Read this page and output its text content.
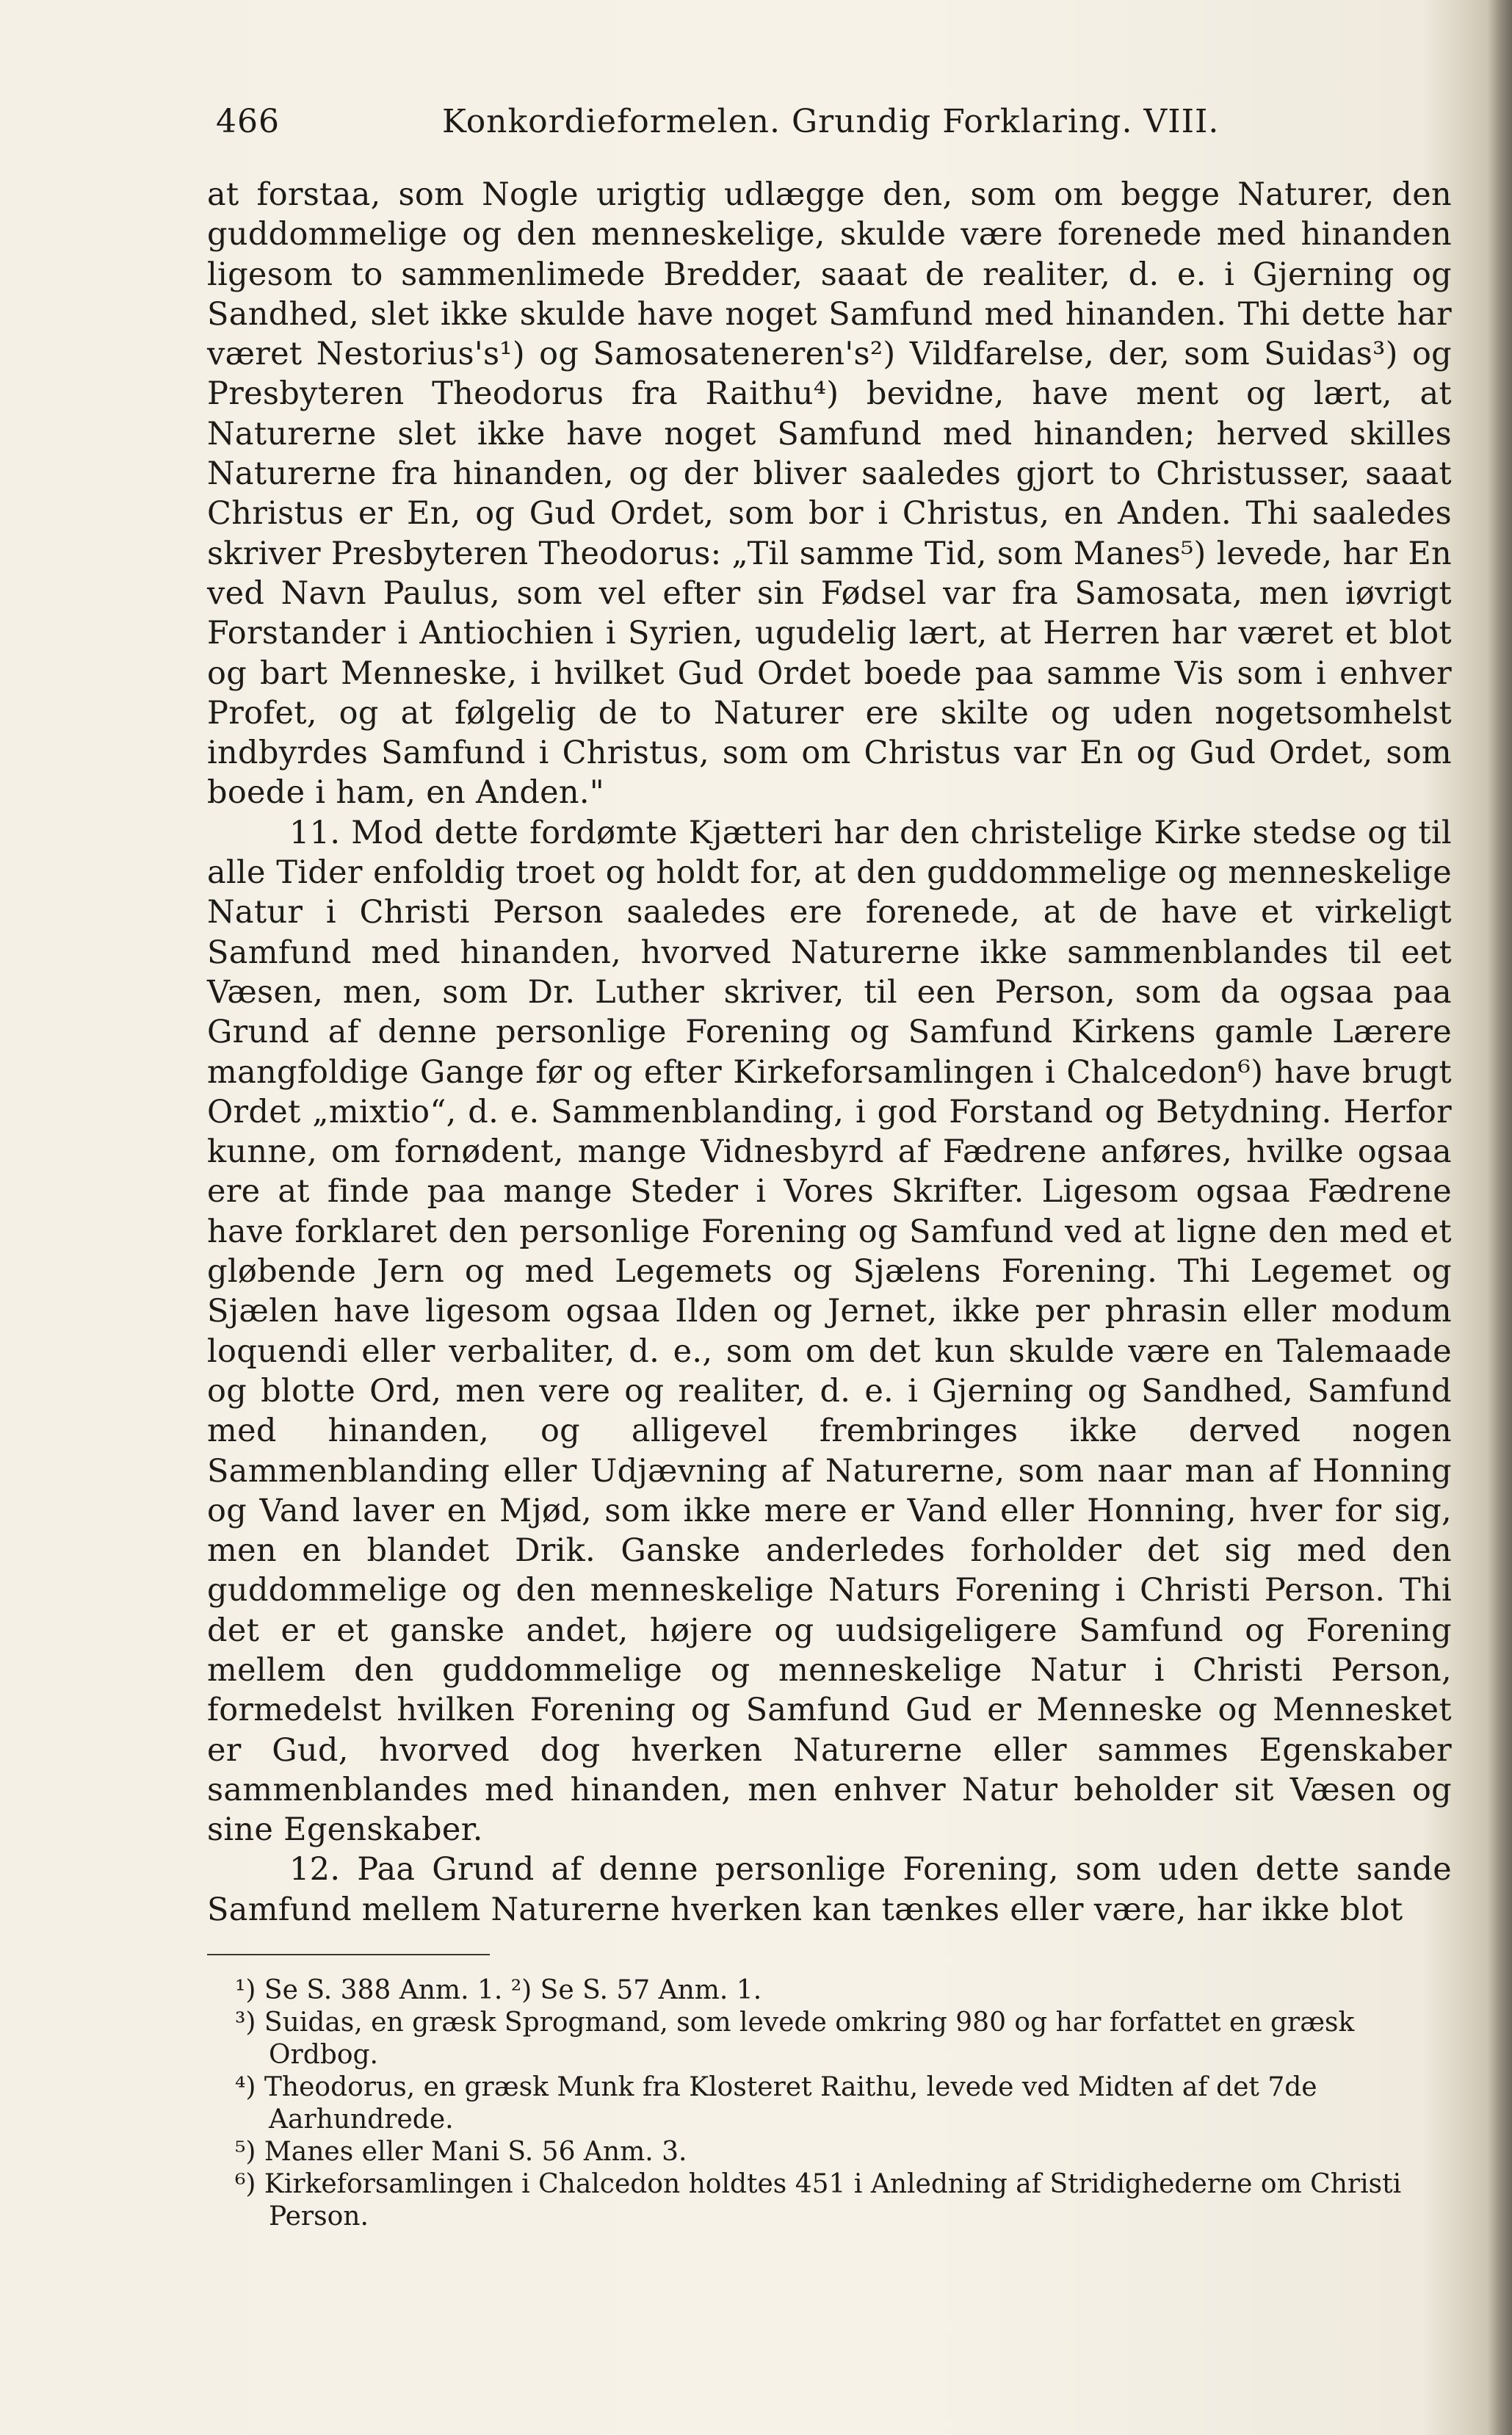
466	Konkordieformelen. Grundig Forklaring. VIII.

at forstaa, som Nogle urigtig udlægge den, som om begge Naturer, den guddommelige og den menneskelige, skulde være forenede med hinanden ligesom to sammenlimede Bredder, saaat de realiter, d. e. i Gjerning og Sandhed, slet ikke skulde have noget Samfund med hinanden. Thi dette har været Nestorius's¹) og Samosateneren's²) Vildfarelse, der, som Suidas³) og Presbyteren Theodorus fra Raithu⁴) bevidne, have ment og lært, at Naturerne slet ikke have noget Samfund med hinanden; herved skilles Naturerne fra hinanden, og der bliver saaledes gjort to Christusser, saaat Christus er En, og Gud Ordet, som bor i Christus, en Anden. Thi saaledes skriver Presbyteren Theodorus: „Til samme Tid, som Manes⁵) levede, har En ved Navn Paulus, som vel efter sin Fødsel var fra Samosata, men iøvrigt Forstander i Antiochien i Syrien, ugudelig lært, at Herren har været et blot og bart Menneske, i hvilket Gud Ordet boede paa samme Vis som i enhver Profet, og at følgelig de to Naturer ere skilte og uden nogetsomhelst indbyrdes Samfund i Christus, som om Christus var En og Gud Ordet, som boede i ham, en Anden."

11. Mod dette fordømte Kjætteri har den christelige Kirke stedse og til alle Tider enfoldig troet og holdt for, at den guddommelige og menneskelige Natur i Christi Person saaledes ere forenede, at de have et virkeligt Samfund med hinanden, hvorved Naturerne ikke sammenblandes til eet Væsen, men, som Dr. Luther skriver, til een Person, som da ogsaa paa Grund af denne personlige Forening og Samfund Kirkens gamle Lærere mangfoldige Gange før og efter Kirkeforsamlingen i Chalcedon⁶) have brugt Ordet „mixtio“, d. e. Sammenblanding, i god Forstand og Betydning. Herfor kunne, om fornødent, mange Vidnesbyrd af Fædrene anføres, hvilke ogsaa ere at finde paa mange Steder i Vores Skrifter. Ligesom ogsaa Fædrene have forklaret den personlige Forening og Samfund ved at ligne den med et gløbende Jern og med Legemets og Sjælens Forening. Thi Legemet og Sjælen have ligesom ogsaa Ilden og Jernet, ikke per phrasin eller modum loquendi eller verbaliter, d. e., som om det kun skulde være en Talemaade og blotte Ord, men vere og realiter, d. e. i Gjerning og Sandhed, Samfund med hinanden, og alligevel frembringes ikke derved nogen Sammenblanding eller Udjævning af Naturerne, som naar man af Honning og Vand laver en Mjød, som ikke mere er Vand eller Honning, hver for sig, men en blandet Drik. Ganske anderledes forholder det sig med den guddommelige og den menneskelige Naturs Forening i Christi Person. Thi det er et ganske andet, højere og uudsigeligere Samfund og Forening mellem den guddommelige og menneskelige Natur i Christi Person, formedelst hvilken Forening og Samfund Gud er Menneske og Mennesket er Gud, hvorved dog hverken Naturerne eller sammes Egenskaber sammenblandes med hinanden, men enhver Natur beholder sit Væsen og sine Egenskaber.

12. Paa Grund af denne personlige Forening, som uden dette sande Samfund mellem Naturerne hverken kan tænkes eller være, har ikke blot

¹) Se S. 388 Anm. 1. ²) Se S. 57 Anm. 1.

³) Suidas, en græsk Sprogmand, som levede omkring 980 og har forfattet en græsk Ordbog.

⁴) Theodorus, en græsk Munk fra Klosteret Raithu, levede ved Midten af det 7de Aarhundrede.

⁵) Manes eller Mani S. 56 Anm. 3.

⁶) Kirkeforsamlingen i Chalcedon holdtes 451 i Anledning af Stridighederne om Christi Person.
